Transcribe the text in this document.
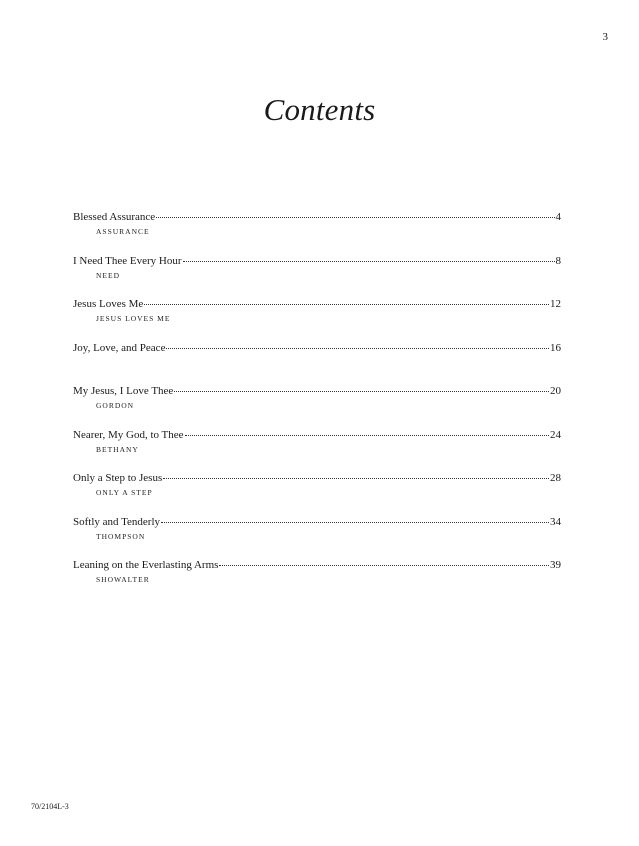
3
Contents
Blessed Assurance	4
ASSURANCE
I Need Thee Every Hour	8
NEED
Jesus Loves Me	12
JESUS LOVES ME
Joy, Love, and Peace	16
My Jesus, I Love Thee	20
GORDON
Nearer, My God, to Thee	24
BETHANY
Only a Step to Jesus	28
ONLY A STEP
Softly and Tenderly	34
THOMPSON
Leaning on the Everlasting Arms	39
SHOWALTER
70/2104L-3
